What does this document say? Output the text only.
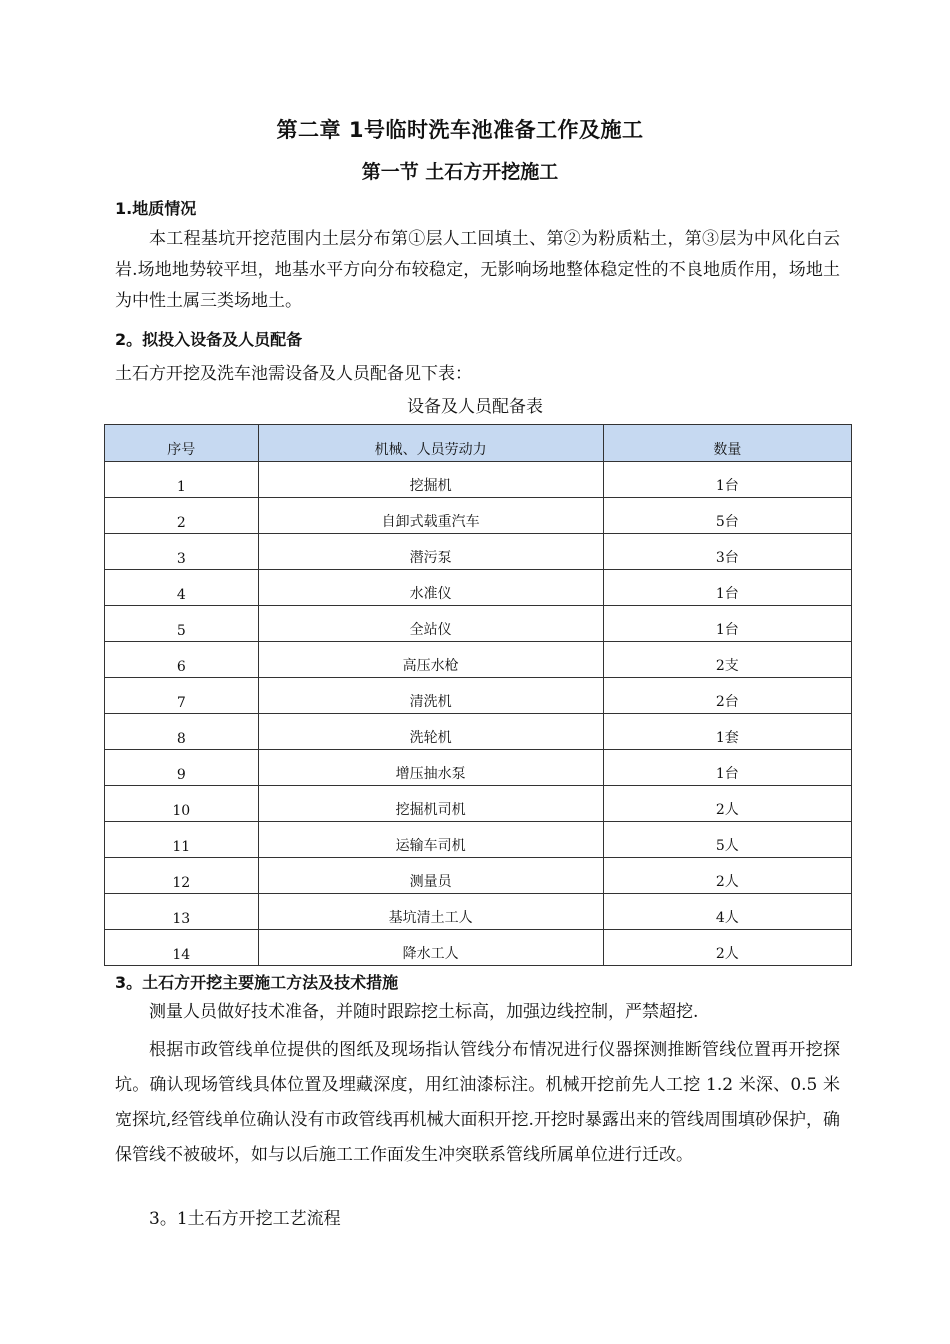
第二章 1号临时洗车池准备工作及施工
第一节 土石方开挖施工
1.地质情况
本工程基坑开挖范围内土层分布第①层人工回填土、第②为粉质粘土，第③层为中风化白云岩.场地地势较平坦，地基水平方向分布较稳定，无影响场地整体稳定性的不良地质作用，场地土为中性土属三类场地土。
2。拟投入设备及人员配备
土石方开挖及洗车池需设备及人员配备见下表：
设备及人员配备表
序号	机械、人员劳动力	数量
1	挖掘机	1台
2	自卸式载重汽车	5台
3	潜污泵	3台
4	水准仪	1台
5	全站仪	1台
6	高压水枪	2支
7	清洗机	2台
8	洗轮机	1套
9	增压抽水泵	1台
10	挖掘机司机	2人
11	运输车司机	5人
12	测量员	2人
13	基坑清土工人	4人
14	降水工人	2人
3。土石方开挖主要施工方法及技术措施
测量人员做好技术准备，并随时跟踪挖土标高，加强边线控制，严禁超挖.
根据市政管线单位提供的图纸及现场指认管线分布情况进行仪器探测推断管线位置再开挖探坑。确认现场管线具体位置及埋藏深度，用红油漆标注。机械开挖前先人工挖 1.2 米深、0.5 米宽探坑,经管线单位确认没有市政管线再机械大面积开挖.开挖时暴露出来的管线周围填砂保护，确保管线不被破坏，如与以后施工工作面发生冲突联系管线所属单位进行迁改。
3。1土石方开挖工艺流程
